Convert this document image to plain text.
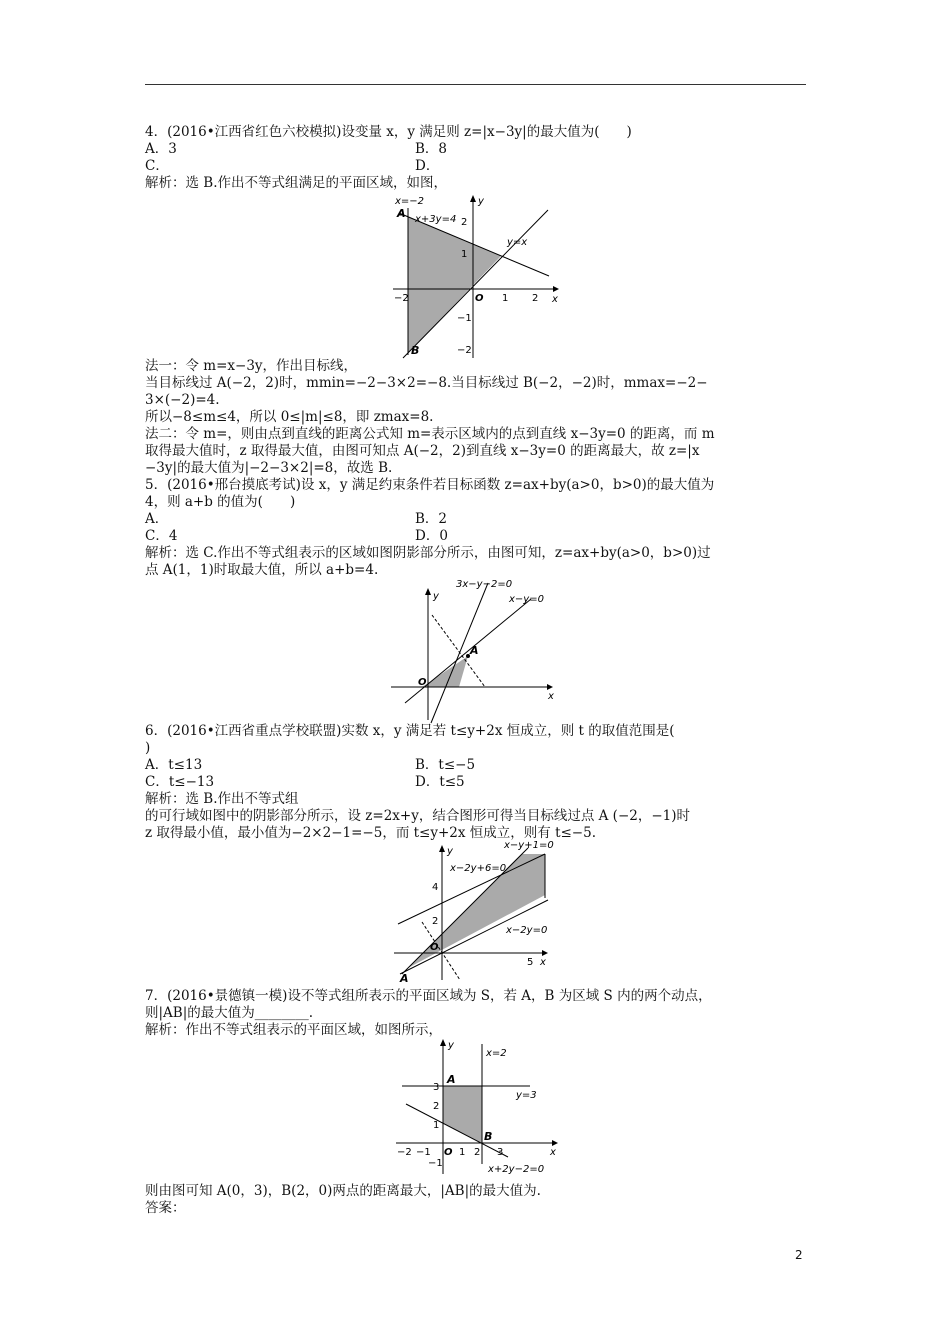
4．(2016•江西省红色六校模拟)设变量 x，y 满足则 z=|x−3y|的最大值为(　　)
A．3	B．8
C．	D．
解析：选 B.作出不等式组满足的平面区域，如图，
x=−2
A x+3y=4
y=x
B
O	x
y
−2	1 2
2
1
−1
−2
法一：令 m=x−3y，作出目标线，
当目标线过 A(−2，2)时，mmin=−2−3×2=−8.当目标线过 B(−2，−2)时，mmax=−2−
3×(−2)=4.
所以−8≤m≤4，所以 0≤|m|≤8，即 zmax=8.
法二：令 m=，则由点到直线的距离公式知 m=表示区域内的点到直线 x−3y=0 的距离，而 m
取得最大值时，z 取得最大值，由图可知点 A(−2，2)到直线 x−3y=0 的距离最大，故 z=|x
−3y|的最大值为|−2−3×2|=8，故选 B.
5．(2016•邢台摸底考试)设 x，y 满足约束条件若目标函数 z=ax+by(a>0，b>0)的最大值为
4，则 a+b 的值为(　　)
A．	B．2
C．4	D．0
解析：选 C.作出不等式组表示的区域如图阴影部分所示，由图可知，z=ax+by(a>0，b>0)过
点 A(1，1)时取最大值，所以 a+b=4.
3x−y−2=0
x−y=0
A
O
x
y
6．(2016•江西省重点学校联盟)实数 x，y 满足若 t≤y+2x 恒成立，则 t 的取值范围是(
)
A．t≤13	B．t≤−5
C．t≤−13	D．t≤5
解析：选 B.作出不等式组
的可行域如图中的阴影部分所示，设 z=2x+y，结合图形可得当目标线过点 A (−2，−1)时
z 取得最小值，最小值为−2×2−1=−5，而 t≤y+2x 恒成立，则有 t≤−5.
x−y+1=0
x−2y+6=0
x−2y=0
A
O
x
y
4
2
5
7．(2016•景德镇一模)设不等式组所表示的平面区域为 S，若 A，B 为区域 S 内的两个动点，
则|AB|的最大值为________.
解析：作出不等式组表示的平面区域，如图所示，
x=2
y=3
x+2y−2=0
A
B
O	x
y
3
2
1
−1
−2 −1	1 2 3
则由图可知 A(0，3)，B(2，0)两点的距离最大，|AB|的最大值为.
答案：
2
